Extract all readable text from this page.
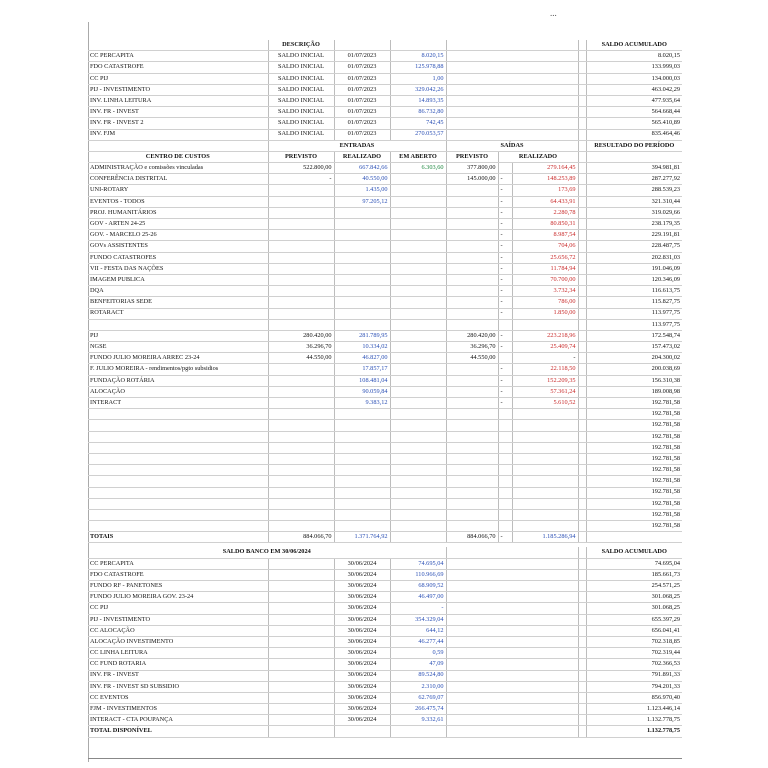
...
	DESCRIÇÃO							SALDO ACUMULADO
CC PERCAPITA	SALDO INICIAL	01/07/2023	8.020,15					8.020,15
FDO CATASTROFE	SALDO INICIAL	01/07/2023	125.978,88					133.999,03
CC PIJ	SALDO INICIAL	01/07/2023	1,00					134.000,03
PIJ - INVESTIMENTO	SALDO INICIAL	01/07/2023	329.042,26					463.042,29
INV. LINHA LEITURA	SALDO INICIAL	01/07/2023	14.893,35					477.935,64
INV. FR - INVEST	SALDO INICIAL	01/07/2023	86.732,80					564.668,44
INV. FR - INVEST 2	SALDO INICIAL	01/07/2023	742,45					565.410,89
INV. FJM	SALDO INICIAL	01/07/2023	270.053,57					835.464,46
	ENTRADAS			SAÍDAS				RESULTADO DO PERÍODO
CENTRO DE CUSTOS	PREVISTO	REALIZADO	EM ABERTO	PREVISTO	REALIZADO			
ADMINISTRAÇÃO e comissões vinculadas	522.800,00	667.842,66	6.303,60	377.800,00		279.164,45		394.981,81
CONFERÊNCIA DISTRITAL	-	40.550,00		145.000,00	-	148.253,89		287.277,92
UNI-ROTARY		1.435,00			-	173,69		288.539,23
EVENTOS - TODOS		97.205,12			-	64.433,91		321.310,44
PROJ. HUMANITÁRIOS					-	2.280,78		319.029,66
GOV - ARTEN 24-25					-	80.850,31		238.179,35
GOV. - MARCELO 25-26					-	8.987,54		229.191,81
GOVs ASSISTENTES					-	704,06		228.487,75
FUNDO CATASTROFES					-	25.656,72		202.831,03
VII - FESTA DAS NAÇÕES					-	11.784,94		191.046,09
IMAGEM PUBLICA					-	70.700,00		120.346,09
DQA					-	3.732,34		116.613,75
BENFEITORIAS SEDE					-	786,00		115.827,75
ROTARACT					-	1.850,00		113.977,75
								113.977,75
PIJ	280.420,00	281.789,95		280.420,00	-	223.218,96		172.548,74
NGSE	36.296,70	10.334,02		36.296,70	-	25.409,74		157.473,02
FUNDO JULIO MOREIRA ARREC 23-24	44.550,00	46.827,00		44.550,00		-		204.300,02
F. JULIO MOREIRA - rendimentos/pgto subsidios		17.857,17			-	22.118,50		200.038,69
FUNDAÇÃO ROTÁRIA		108.481,04			-	152.209,35		156.310,38
ALOCAÇÃO		90.059,84			-	57.361,24		189.008,98
INTERACT		9.383,12			-	5.610,52		192.781,58
								192.781,58
								192.781,58
								192.781,58
								192.781,58
								192.781,58
								192.781,58
								192.781,58
								192.781,58
								192.781,58
								192.781,58
								192.781,58
TOTAIS	884.066,70	1.371.764,92		884.066,70	-	1.185.286,94		

SALDO BANCO EM 30/06/2024								SALDO ACUMULADO
CC PERCAPITA		30/06/2024	74.695,04					74.695,04
FDO CATASTROFE		30/06/2024	110.966,69					185.661,73
FUNDO RF - PANETONES		30/06/2024	68.909,52					254.571,25
FUNDO JULIO MOREIRA GOV. 23-24		30/06/2024	46.497,00					301.068,25
CC PIJ		30/06/2024	-					301.068,25
PIJ - INVESTIMENTO		30/06/2024	354.329,04					655.397,29
CC ALOCAÇÃO		30/06/2024	644,12					656.041,41
ALOCAÇÃO INVESTIMENTO		30/06/2024	46.277,44					702.318,85
CC LINHA LEITURA		30/06/2024	0,59					702.319,44
CC FUND ROTARIA		30/06/2024	47,09					702.366,53
INV. FR - INVEST		30/06/2024	89.524,80					791.891,33
INV. FR - INVEST SD SUBSIDIO		30/06/2024	2.310,00					794.201,33
CC EVENTOS		30/06/2024	62.769,07					856.970,40
FJM - INVESTIMENTOS		30/06/2024	266.475,74					1.123.446,14
INTERACT - CTA POUPANÇA		30/06/2024	9.332,61					1.132.778,75
TOTAL DISPONÍVEL								1.132.778,75
